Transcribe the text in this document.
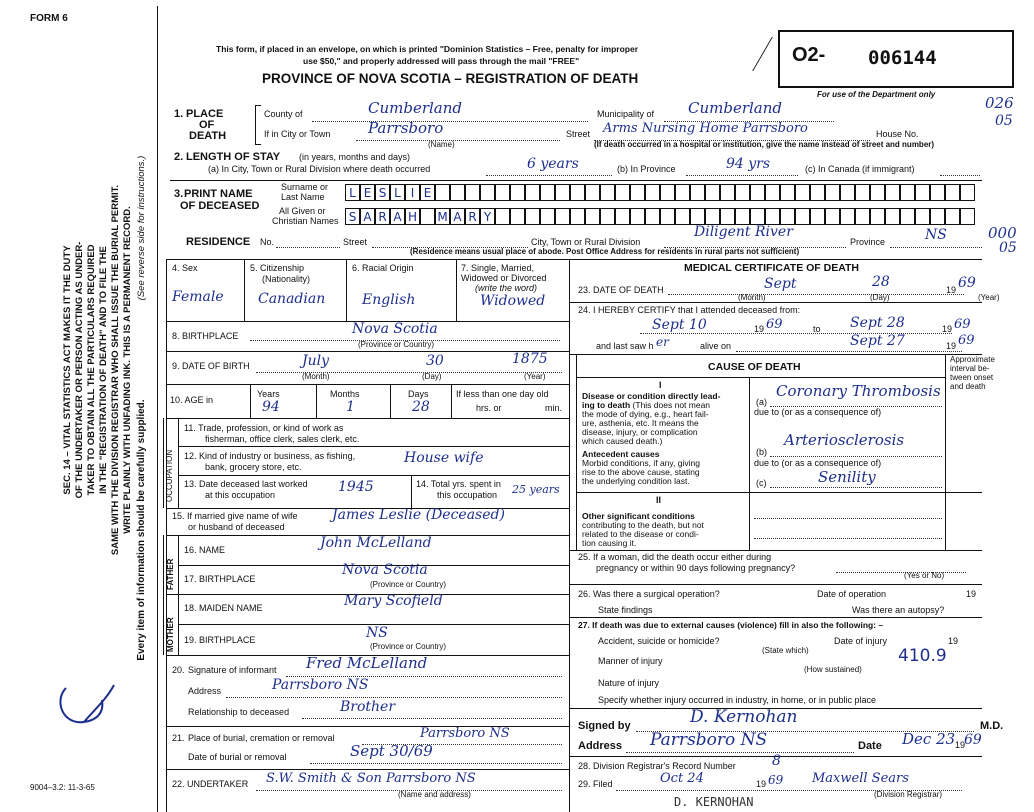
FORM 6
This form, if placed in an envelope, on which is printed "Dominion Statistics – Free, penalty for improper
use $50," and properly addressed will pass through the mail "FREE"
PROVINCE OF NOVA SCOTIA – REGISTRATION OF DEATH
O2- 006144
For use of the Department only	026
05
000
05
SEC. 14 – VITAL STATISTICS ACT MAKES IT THE DUTY OF THE UNDERTAKER OR PERSON ACTING AS UNDER- TAKER TO OBTAIN ALL THE PARTICULARS REQUIRED IN THE "REGISTRATION OF DEATH" AND TO FILE THE SAME WITH THE DIVISION REGISTRAR WHO SHALL ISSUE THE BURIAL PERMIT. WRITE PLAINLY WITH UNFADING INK. THIS IS A PERMANENT RECORD. Every item of information should be carefully supplied.
(See reverse side for instructions.)
1. PLACE
OF
DEATH
County of	Cumberland	Municipality of Cumberland
If in City or Town	Parrsboro
(Name)
Street Arms Nursing Home Parrsboro	House No.
(If death occurred in a hospital or institution, give the name instead of street and number)
2. LENGTH OF STAY (in years, months and days)
(a) In City, Town or Rural Division where death occurred	6 years	(b) In Province	94 yrs	(c) In Canada (if immigrant)
3. PRINT NAME
OF DECEASED
Surname or
Last Name
All Given or
Christian Names
L E S L I E
S A R A H M A R Y
RESIDENCE No.	Street	City, Town or Rural Division
Diligent River
Province	NS
(Residence means usual place of abode. Post Office Address for residents in rural parts not sufficient)
4. Sex
Female
5. Citizenship
(Nationality)
Canadian
6. Racial Origin
English
7. Single, Married,
Widowed or Divorced
(write the word)
Widowed
8. BIRTHPLACE	Nova Scotia
(Province or Country)
9. DATE OF BIRTH	July	30	1875
(Month)	(Day)	(Year)
10. AGE in
Years
94
Months
1
Days
28
If less than one day old
hrs. or	min.
OCCUPATION
11. Trade, profession, or kind of work as
fisherman, office clerk, sales clerk, etc.
12. Kind of industry or business, as fishing,
bank, grocery store, etc.
House wife
13. Date deceased last worked
at this occupation	1945	14. Total yrs. spent in
this occupation 25 years
15. If married give name of wife
or husband of deceased
James Leslie (Deceased)
FATHER
MOTHER
16. NAME	John McLelland
17. BIRTHPLACE
Nova Scotia
(Province or Country)
18. MAIDEN NAME	Mary Scofield
19. BIRTHPLACE	NS
(Province or Country)
20. Signature of informant Fred McLelland
Address	Parrsboro NS
Relationship to deceased	Brother
21. Place of burial, cremation or removal	Parrsboro NS
Date of burial or removal	Sept 30/69
22. UNDERTAKER S.W. Smith & Son Parrsboro NS
(Name and address)
9004–3.2: 11-3-65
D. KERNOHAN
MEDICAL CERTIFICATE OF DEATH
23. DATE OF DEATH	Sept	28	19 69
(Month)	(Day)	(Year)
24. I HEREBY CERTIFY that I attended deceased from:
Sept 10	19 69	to Sept 28	19 69
and last saw h er	alive on	Sept 27	19 69
CAUSE OF DEATH
I
II
Approximate
interval be-
tween onset
and death
Disease or condition directly lead-
ing to death (This does not mean
the mode of dying, e.g., heart fail-
ure, asthenia, etc. It means the
disease, injury, or complication
which caused death.)
(a)
Coronary Thrombosis
due to (or as a consequence of)
Antecedent causes
Morbid conditions, if any, giving
rise to the above cause, stating
the underlying condition last.
(b)
Arteriosclerosis
due to (or as a consequence of)
(c)	Senility
Other significant conditions
contributing to the death, but not
related to the disease or condi-
tion causing it.
25. If a woman, did the death occur either during
pregnancy or within 90 days following pregnancy?
(Yes or No)
26. Was there a surgical operation?	Date of operation	19
State findings	Was there an autopsy?
27. If death was due to external causes (violence) fill in also the following: –
Accident, suicide or homicide?
(State which)
Date of injury	19
410.9
Manner of injury
(How sustained)
Nature of injury
Specify whether injury occurred in industry, in home, or in public place
Signed by	D. Kernohan	M.D.
Address Parrsboro NS	Date Dec 23 19
69
28. Division Registrar's Record Number	8
29. Filed	Oct 24	19 69 Maxwell Sears
(Division Registrar)
